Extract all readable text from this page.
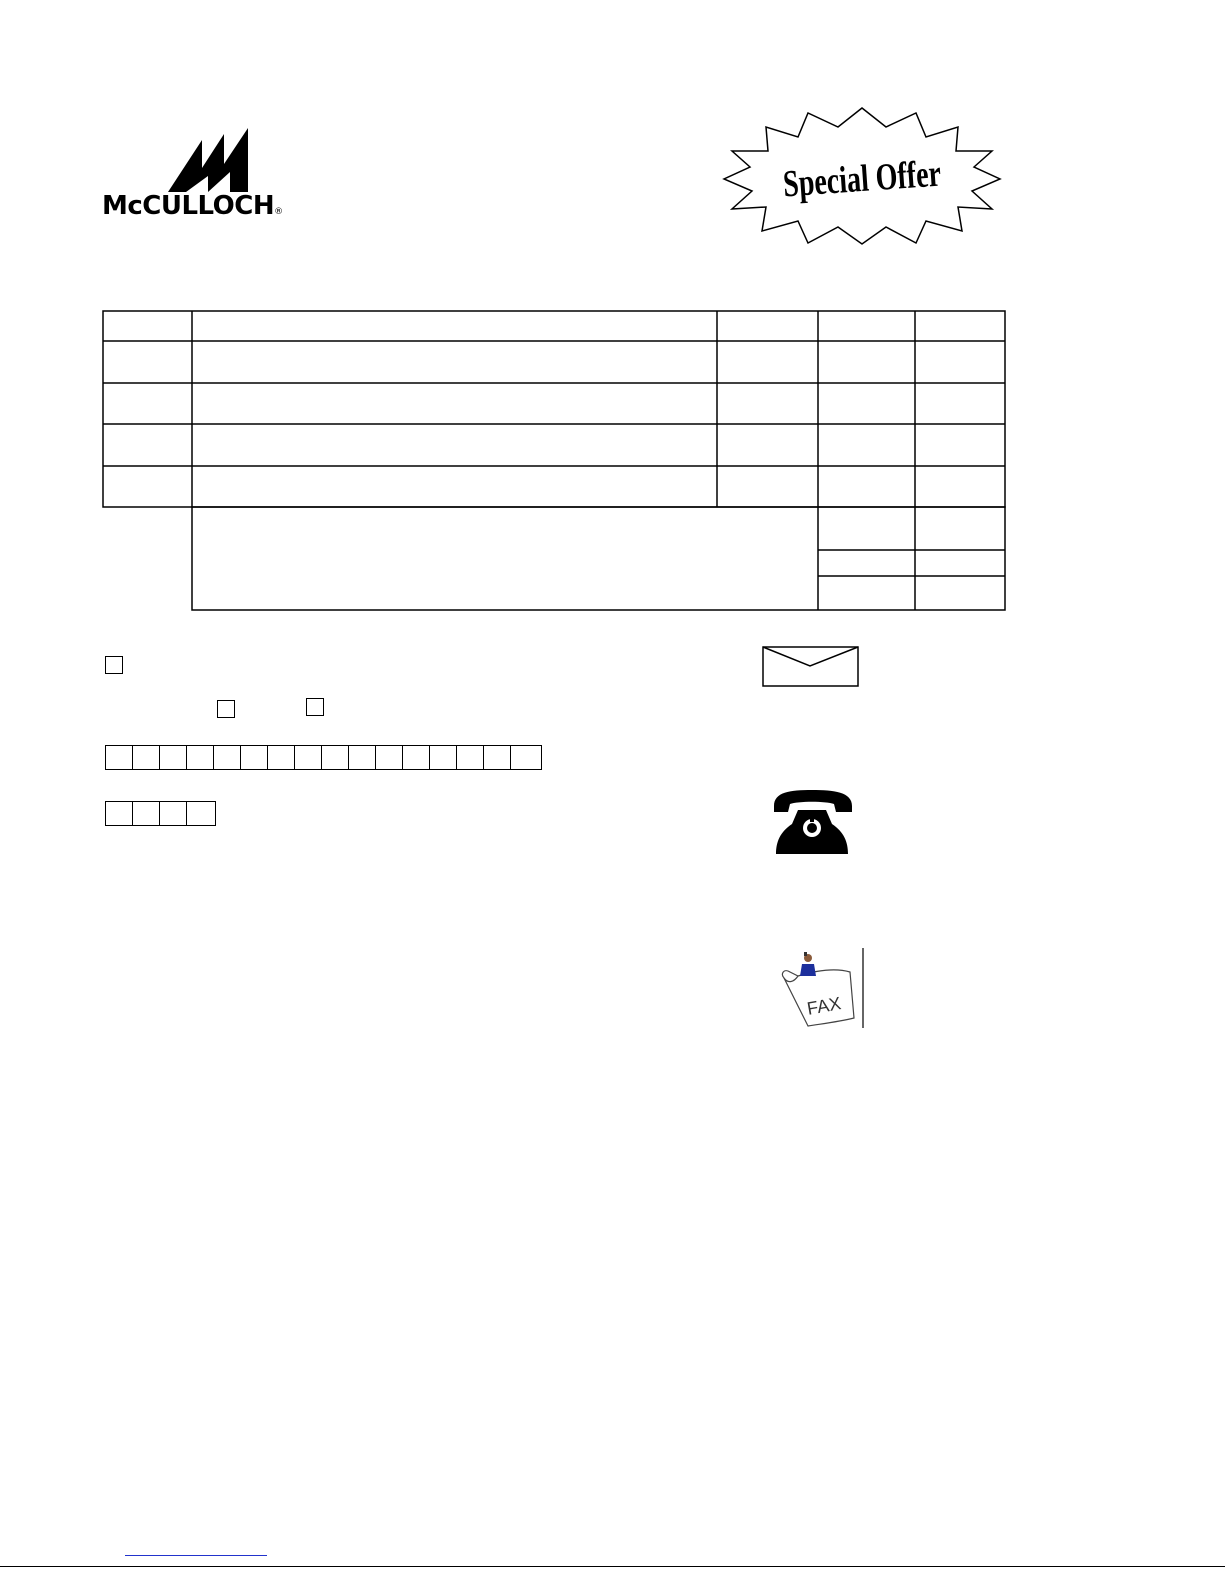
McCULLOCH®
Special Offer
FAX
